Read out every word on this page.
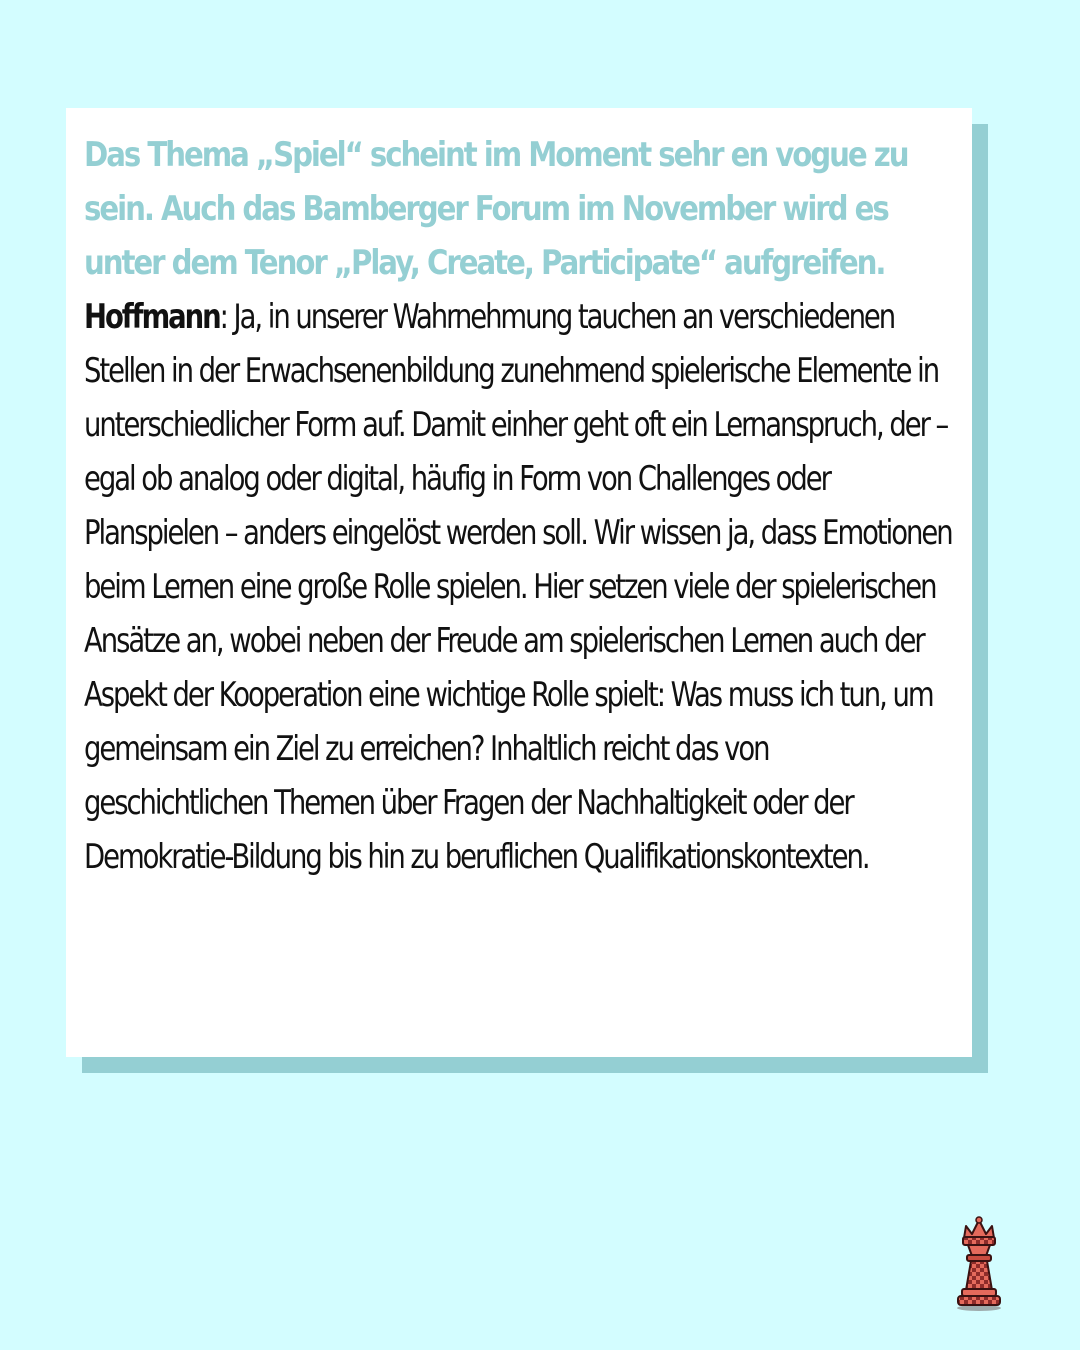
Das Thema „Spiel“ scheint im Moment sehr en vogue zu sein. Auch das Bamberger Forum im November wird es unter dem Tenor „Play, Create, Participate“ aufgreifen.

Hoffmann: Ja, in unserer Wahrnehmung tauchen an verschiedenen Stellen in der Erwachsenenbildung zunehmend spielerische Elemente in unterschiedlicher Form auf. Damit einher geht oft ein Lernanspruch, der – egal ob analog oder digital, häufig in Form von Challenges oder Planspielen – anders eingelöst werden soll. Wir wissen ja, dass Emotionen beim Lernen eine große Rolle spielen. Hier setzen viele der spielerischen Ansätze an, wobei neben der Freude am spielerischen Lernen auch der Aspekt der Kooperation eine wichtige Rolle spielt: Was muss ich tun, um gemeinsam ein Ziel zu erreichen? Inhaltlich reicht das von geschichtlichen Themen über Fragen der Nachhaltigkeit oder der Demokratie-Bildung bis hin zu beruflichen Qualifikationskontexten.
